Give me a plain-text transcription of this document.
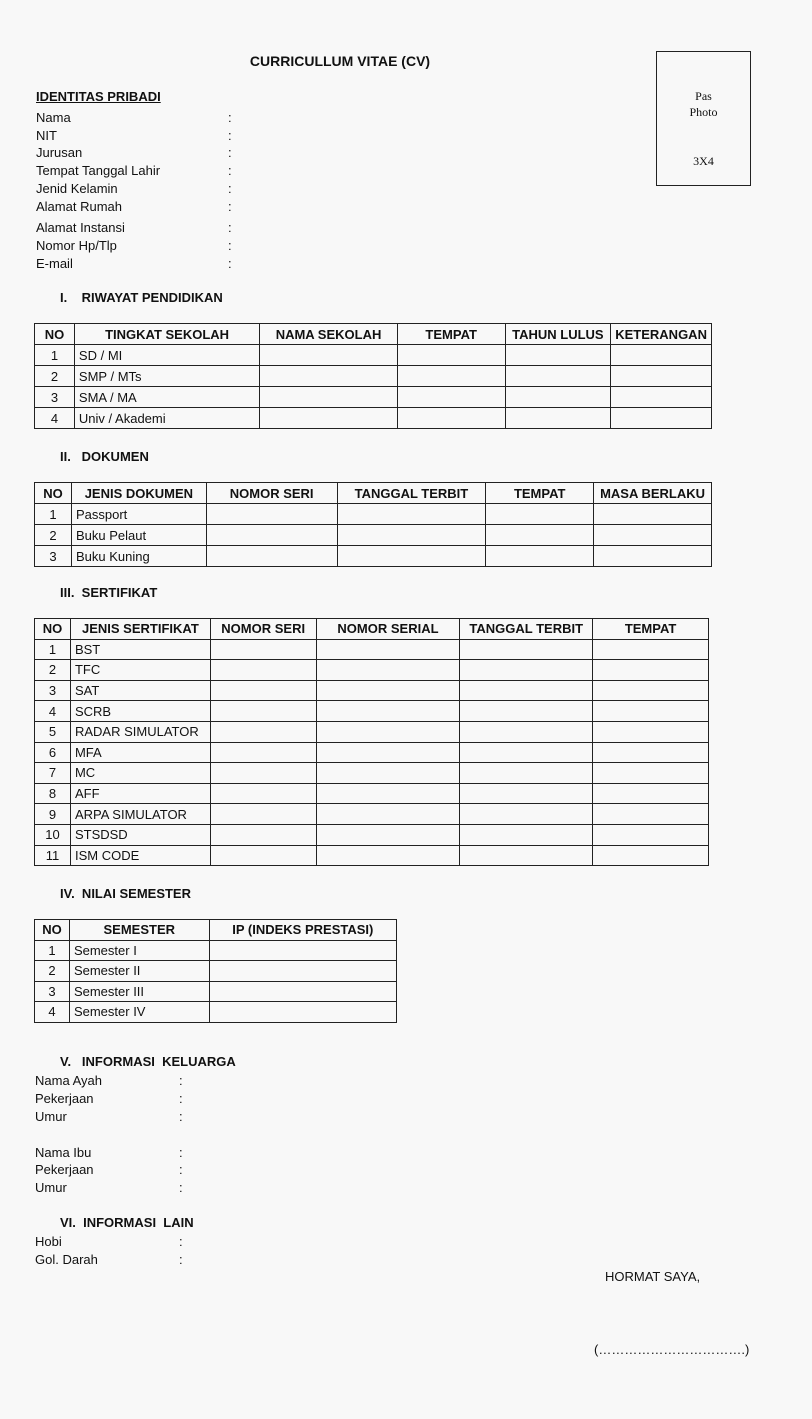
CURRICULLUM VITAE (CV)
Pas
Photo
3X4
IDENTITAS PRIBADI
Nama	:
NIT	:
Jurusan	:
Tempat Tanggal Lahir	:
Jenid Kelamin	:
Alamat Rumah	:
Alamat Instansi	:
Nomor Hp/Tlp	:
E-mail	:
I.    RIWAYAT PENDIDIKAN
NO	TINGKAT SEKOLAH	NAMA SEKOLAH	TEMPAT	TAHUN LULUS	KETERANGAN
1	SD / MI				
2	SMP / MTs				
3	SMA / MA				
4	Univ / Akademi				
II.   DOKUMEN
NO	JENIS DOKUMEN	NOMOR SERI	TANGGAL TERBIT	TEMPAT	MASA BERLAKU
1	Passport				
2	Buku Pelaut				
3	Buku Kuning				
III.  SERTIFIKAT
NO	JENIS SERTIFIKAT	NOMOR SERI	NOMOR SERIAL	TANGGAL TERBIT	TEMPAT
1	BST				
2	TFC				
3	SAT				
4	SCRB				
5	RADAR SIMULATOR				
6	MFA				
7	MC				
8	AFF				
9	ARPA SIMULATOR				
10	STSDSD				
11	ISM CODE				
IV.  NILAI SEMESTER
NO	SEMESTER	IP (INDEKS PRESTASI)
1	Semester I	
2	Semester II	
3	Semester III	
4	Semester IV	
V.   INFORMASI  KELUARGA
Nama Ayah	:
Pekerjaan	:
Umur	:
Nama Ibu	:
Pekerjaan	:
Umur	:
VI.  INFORMASI  LAIN
Hobi	:
Gol. Darah	:
HORMAT SAYA,
(…………………………….)
